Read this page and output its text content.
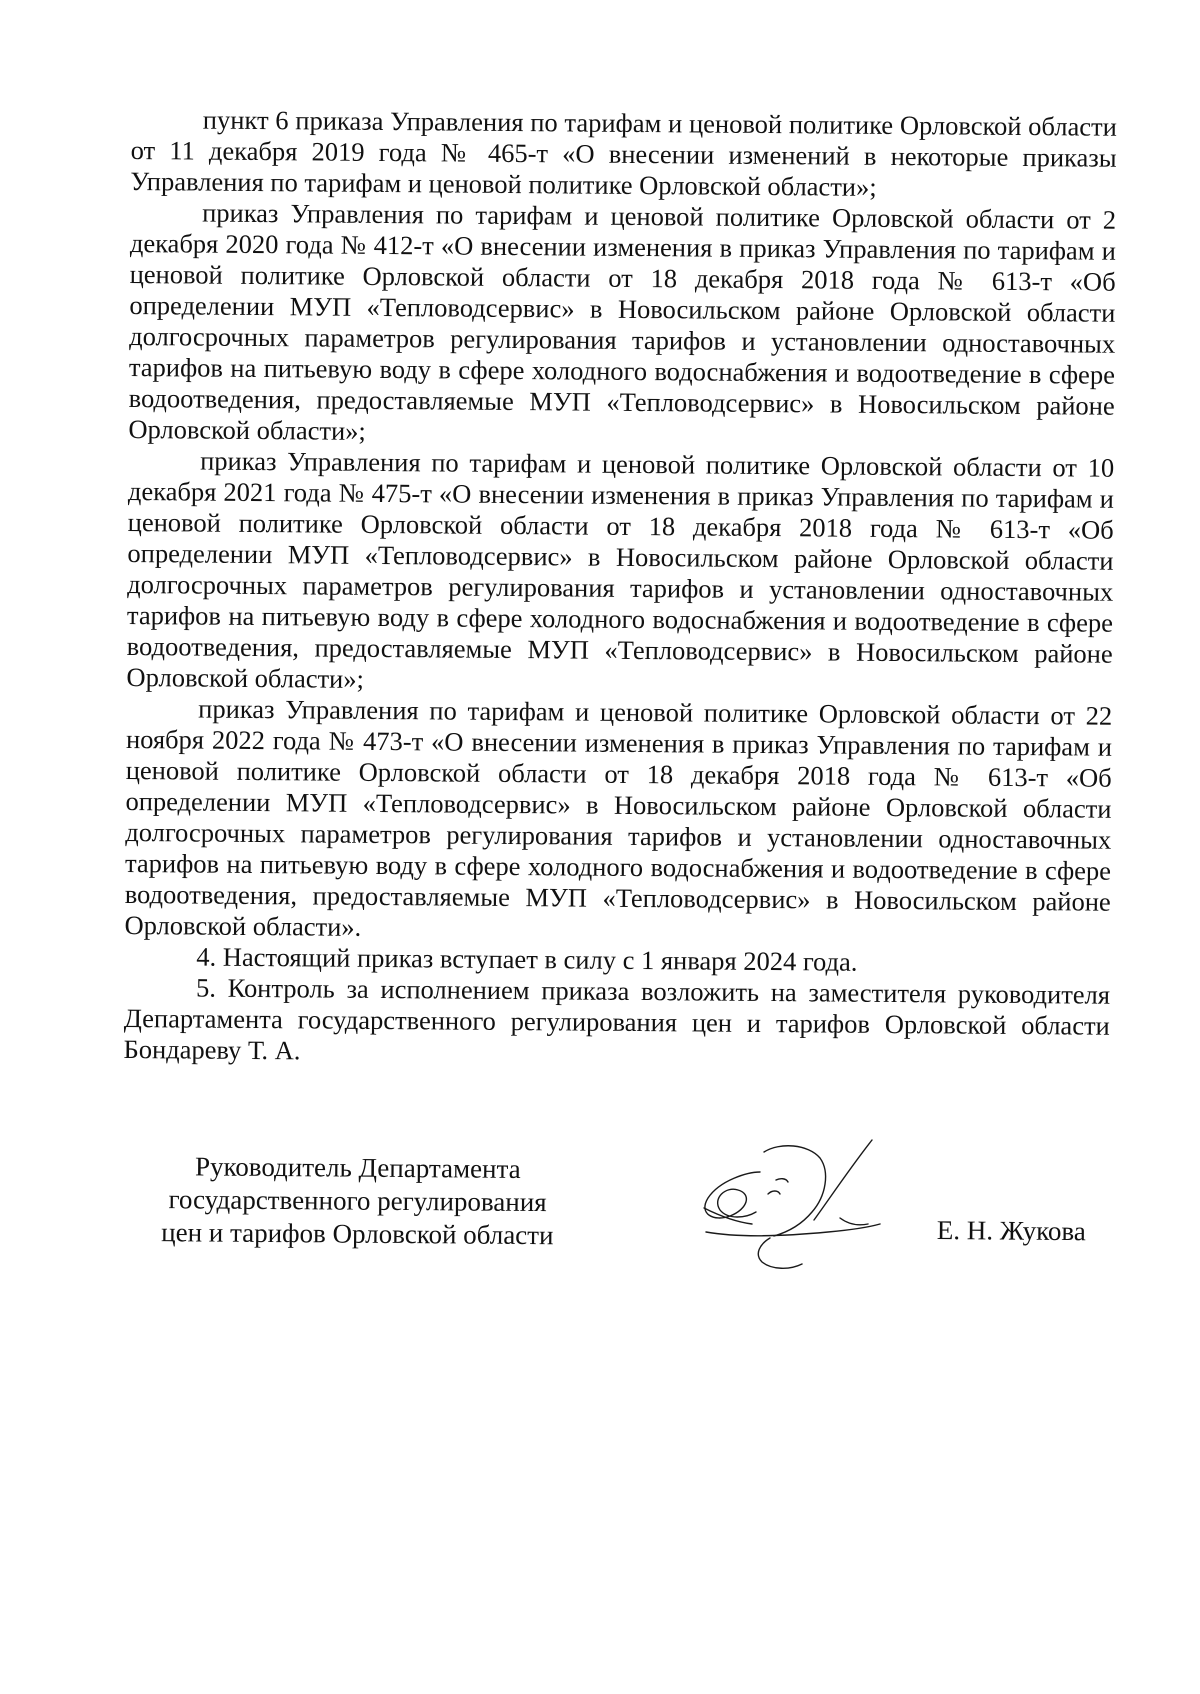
пункт 6 приказа Управления по тарифам и ценовой политике Орловской области от 11 декабря 2019 года № 465-т «О внесении изменений в некоторые приказы Управления по тарифам и ценовой политике Орловской области»;

приказ Управления по тарифам и ценовой политике Орловской области от 2 декабря 2020 года № 412-т «О внесении изменения в приказ Управления по тарифам и ценовой политике Орловской области от 18 декабря 2018 года № 613-т «Об определении МУП «Тепловодсервис» в Новосильском районе Орловской области долгосрочных параметров регулирования тарифов и установлении одноставочных тарифов на питьевую воду в сфере холодного водоснабжения и водоотведение в сфере водоотведения, предоставляемые МУП «Тепловодсервис» в Новосильском районе Орловской области»;

приказ Управления по тарифам и ценовой политике Орловской области от 10 декабря 2021 года № 475-т «О внесении изменения в приказ Управления по тарифам и ценовой политике Орловской области от 18 декабря 2018 года № 613-т «Об определении МУП «Тепловодсервис» в Новосильском районе Орловской области долгосрочных параметров регулирования тарифов и установлении одноставочных тарифов на питьевую воду в сфере холодного водоснабжения и водоотведение в сфере водоотведения, предоставляемые МУП «Тепловодсервис» в Новосильском районе Орловской области»;

приказ Управления по тарифам и ценовой политике Орловской области от 22 ноября 2022 года № 473-т «О внесении изменения в приказ Управления по тарифам и ценовой политике Орловской области от 18 декабря 2018 года № 613-т «Об определении МУП «Тепловодсервис» в Новосильском районе Орловской области долгосрочных параметров регулирования тарифов и установлении одноставочных тарифов на питьевую воду в сфере холодного водоснабжения и водоотведение в сфере водоотведения, предоставляемые МУП «Тепловодсервис» в Новосильском районе Орловской области».

4. Настоящий приказ вступает в силу с 1 января 2024 года.

5. Контроль за исполнением приказа возложить на заместителя руководителя Департамента государственного регулирования цен и тарифов Орловской области Бондареву Т. А.

Руководитель Департамента
государственного регулирования
цен и тарифов Орловской области	Е. Н. Жукова
